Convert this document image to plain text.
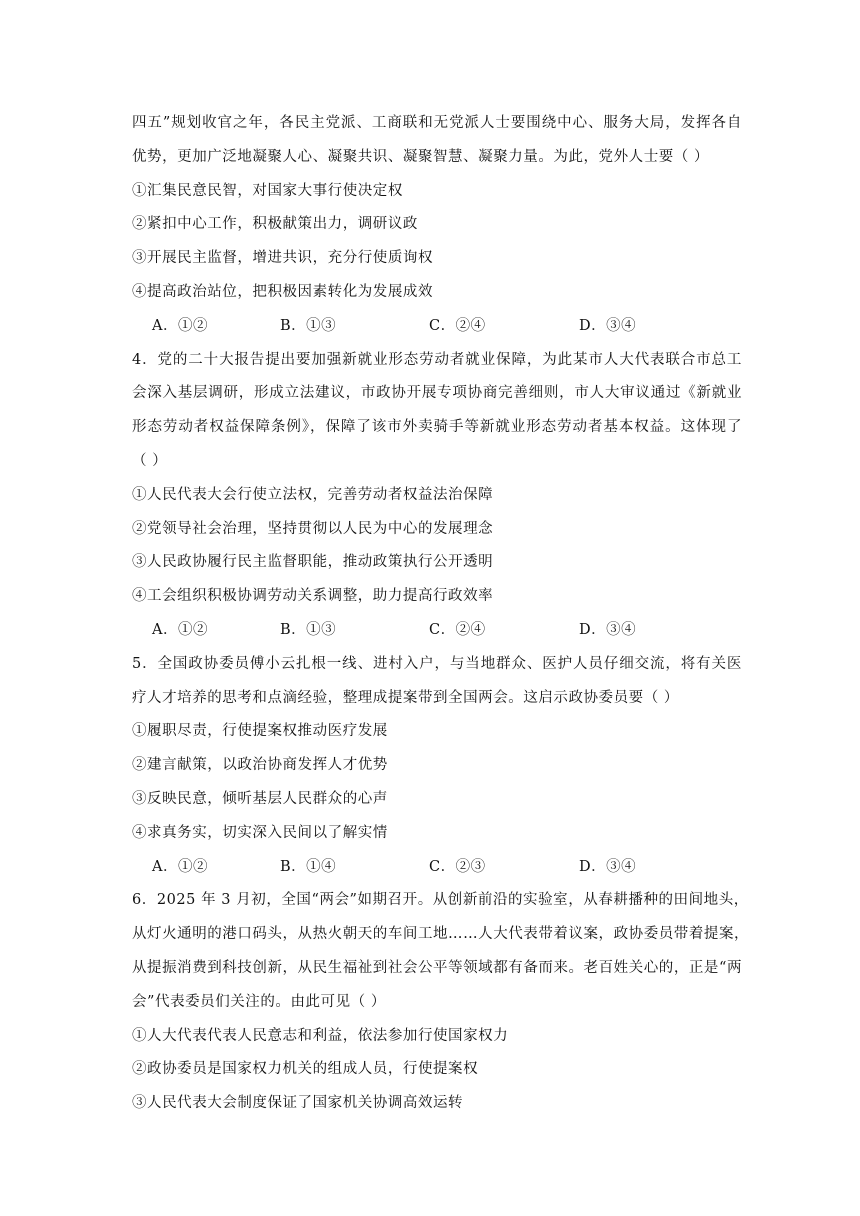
四五”规划收官之年，各民主党派、工商联和无党派人士要围绕中心、服务大局，发挥各自
优势，更加广泛地凝聚人心、凝聚共识、凝聚智慧、凝聚力量。为此，党外人士要（ ）
①汇集民意民智，对国家大事行使决定权
②紧扣中心工作，积极献策出力，调研议政
③开展民主监督，增进共识，充分行使质询权
④提高政治站位，把积极因素转化为发展成效
A．①②	B．①③	C．②④	D．③④
4．党的二十大报告提出要加强新就业形态劳动者就业保障，为此某市人大代表联合市总工
会深入基层调研，形成立法建议，市政协开展专项协商完善细则，市人大审议通过《新就业
形态劳动者权益保障条例》，保障了该市外卖骑手等新就业形态劳动者基本权益。这体现了
（ ）
①人民代表大会行使立法权，完善劳动者权益法治保障
②党领导社会治理，坚持贯彻以人民为中心的发展理念
③人民政协履行民主监督职能，推动政策执行公开透明
④工会组织积极协调劳动关系调整，助力提高行政效率
A．①②	B．①③	C．②④	D．③④
5．全国政协委员傅小云扎根一线、进村入户，与当地群众、医护人员仔细交流，将有关医
疗人才培养的思考和点滴经验，整理成提案带到全国两会。这启示政协委员要（ ）
①履职尽责，行使提案权推动医疗发展
②建言献策，以政治协商发挥人才优势
③反映民意，倾听基层人民群众的心声
④求真务实，切实深入民间以了解实情
A．①②	B．①④	C．②③	D．③④
6．2025 年 3 月初，全国“两会”如期召开。从创新前沿的实验室，从春耕播种的田间地头，
从灯火通明的港口码头，从热火朝天的车间工地……人大代表带着议案，政协委员带着提案，
从提振消费到科技创新，从民生福祉到社会公平等领域都有备而来。老百姓关心的，正是“两
会”代表委员们关注的。由此可见（ ）
①人大代表代表人民意志和利益，依法参加行使国家权力
②政协委员是国家权力机关的组成人员，行使提案权
③人民代表大会制度保证了国家机关协调高效运转
